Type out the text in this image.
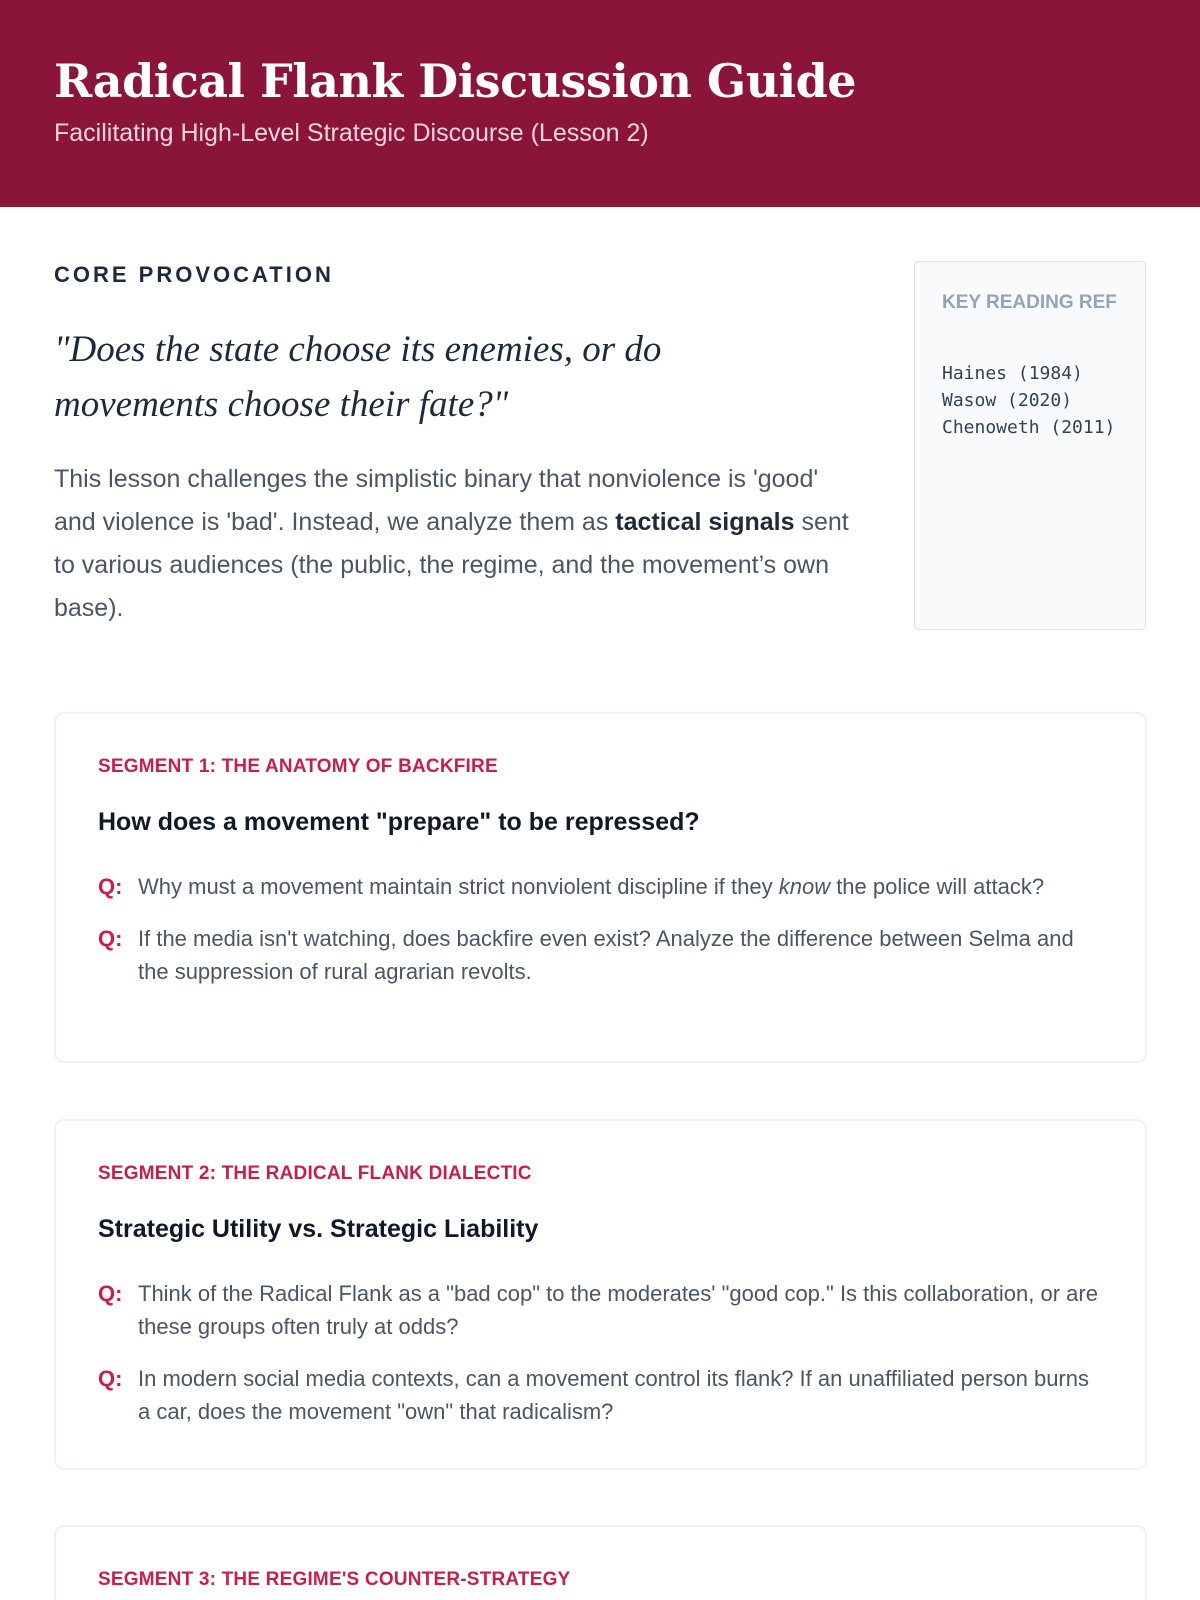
Radical Flank Discussion Guide
Facilitating High-Level Strategic Discourse (Lesson 2)
CORE PROVOCATION
"Does the state choose its enemies, or do movements choose their fate?"

This lesson challenges the simplistic binary that nonviolence is 'good' and violence is 'bad'. Instead, we analyze them as tactical signals sent to various audiences (the public, the regime, and the movement’s own base).

KEY READING REF
Haines (1984)
Wasow (2020)
Chenoweth (2011)
SEGMENT 1: THE ANATOMY OF BACKFIRE
How does a movement "prepare" to be repressed?
Q: Why must a movement maintain strict nonviolent discipline if they know the police will attack?
Q: If the media isn't watching, does backfire even exist? Analyze the difference between Selma and the suppression of rural agrarian revolts.
SEGMENT 2: THE RADICAL FLANK DIALECTIC
Strategic Utility vs. Strategic Liability
Q: Think of the Radical Flank as a "bad cop" to the moderates' "good cop." Is this collaboration, or are these groups often truly at odds?
Q: In modern social media contexts, can a movement control its flank? If an unaffiliated person burns a car, does the movement "own" that radicalism?
SEGMENT 3: THE REGIME'S COUNTER-STRATEGY
